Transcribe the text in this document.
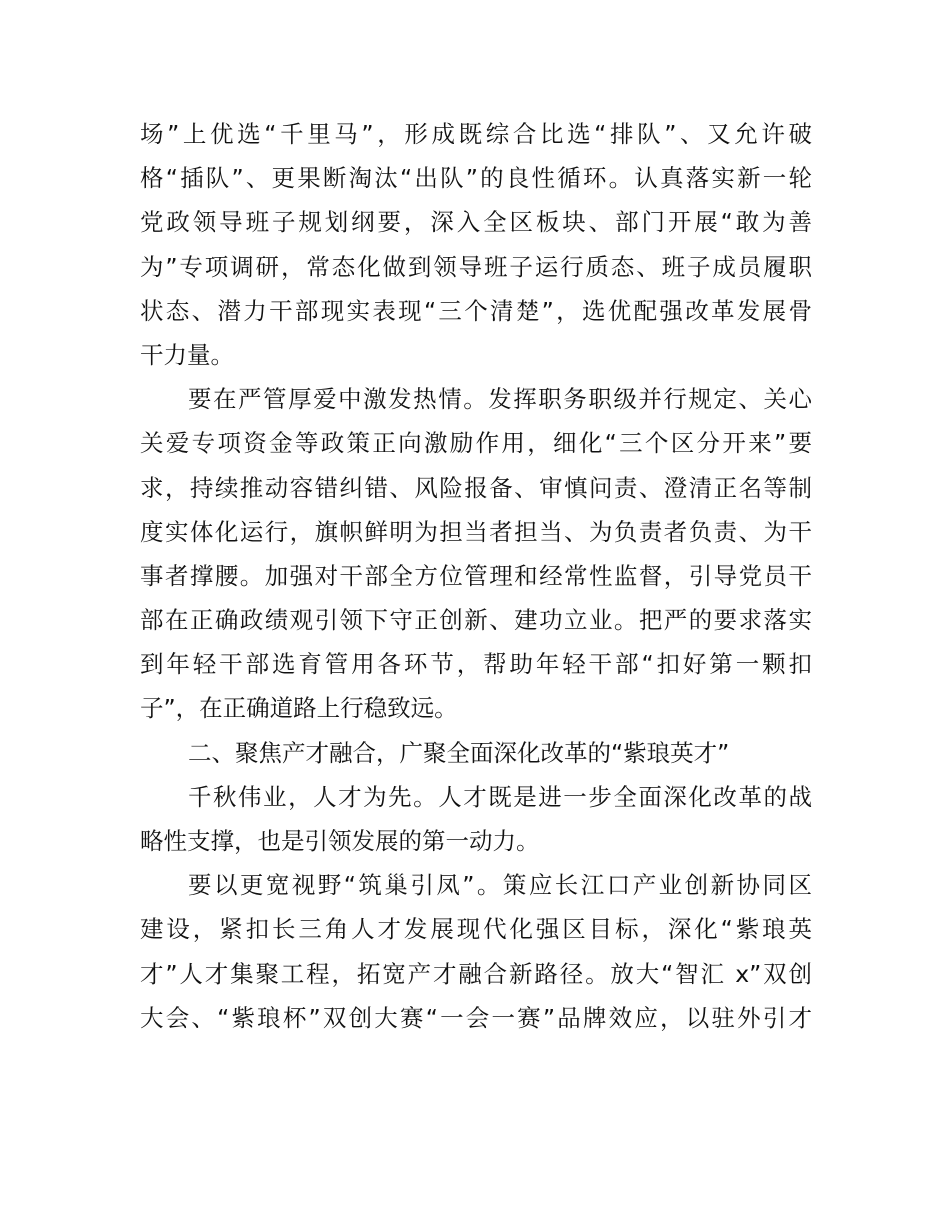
场”上优选“千里马”，形成既综合比选“排队”、又允许破
格“插队”、更果断淘汰“出队”的良性循环。认真落实新一轮
党政领导班子规划纲要，深入全区板块、部门开展“敢为善
为”专项调研，常态化做到领导班子运行质态、班子成员履职
状态、潜力干部现实表现“三个清楚”，选优配强改革发展骨
干力量。
要在严管厚爱中激发热情。发挥职务职级并行规定、关心
关爱专项资金等政策正向激励作用，细化“三个区分开来”要
求，持续推动容错纠错、风险报备、审慎问责、澄清正名等制
度实体化运行，旗帜鲜明为担当者担当、为负责者负责、为干
事者撑腰。加强对干部全方位管理和经常性监督，引导党员干
部在正确政绩观引领下守正创新、建功立业。把严的要求落实
到年轻干部选育管用各环节，帮助年轻干部“扣好第一颗扣
子”，在正确道路上行稳致远。
二、聚焦产才融合，广聚全面深化改革的“紫琅英才”
千秋伟业，人才为先。人才既是进一步全面深化改革的战
略性支撑，也是引领发展的第一动力。
要以更宽视野“筑巢引凤”。策应长江口产业创新协同区
建设，紧扣长三角人才发展现代化强区目标，深化“紫琅英
才”人才集聚工程，拓宽产才融合新路径。放大“智汇 x”双创
大会、“紫琅杯”双创大赛“一会一赛”品牌效应，以驻外引才
